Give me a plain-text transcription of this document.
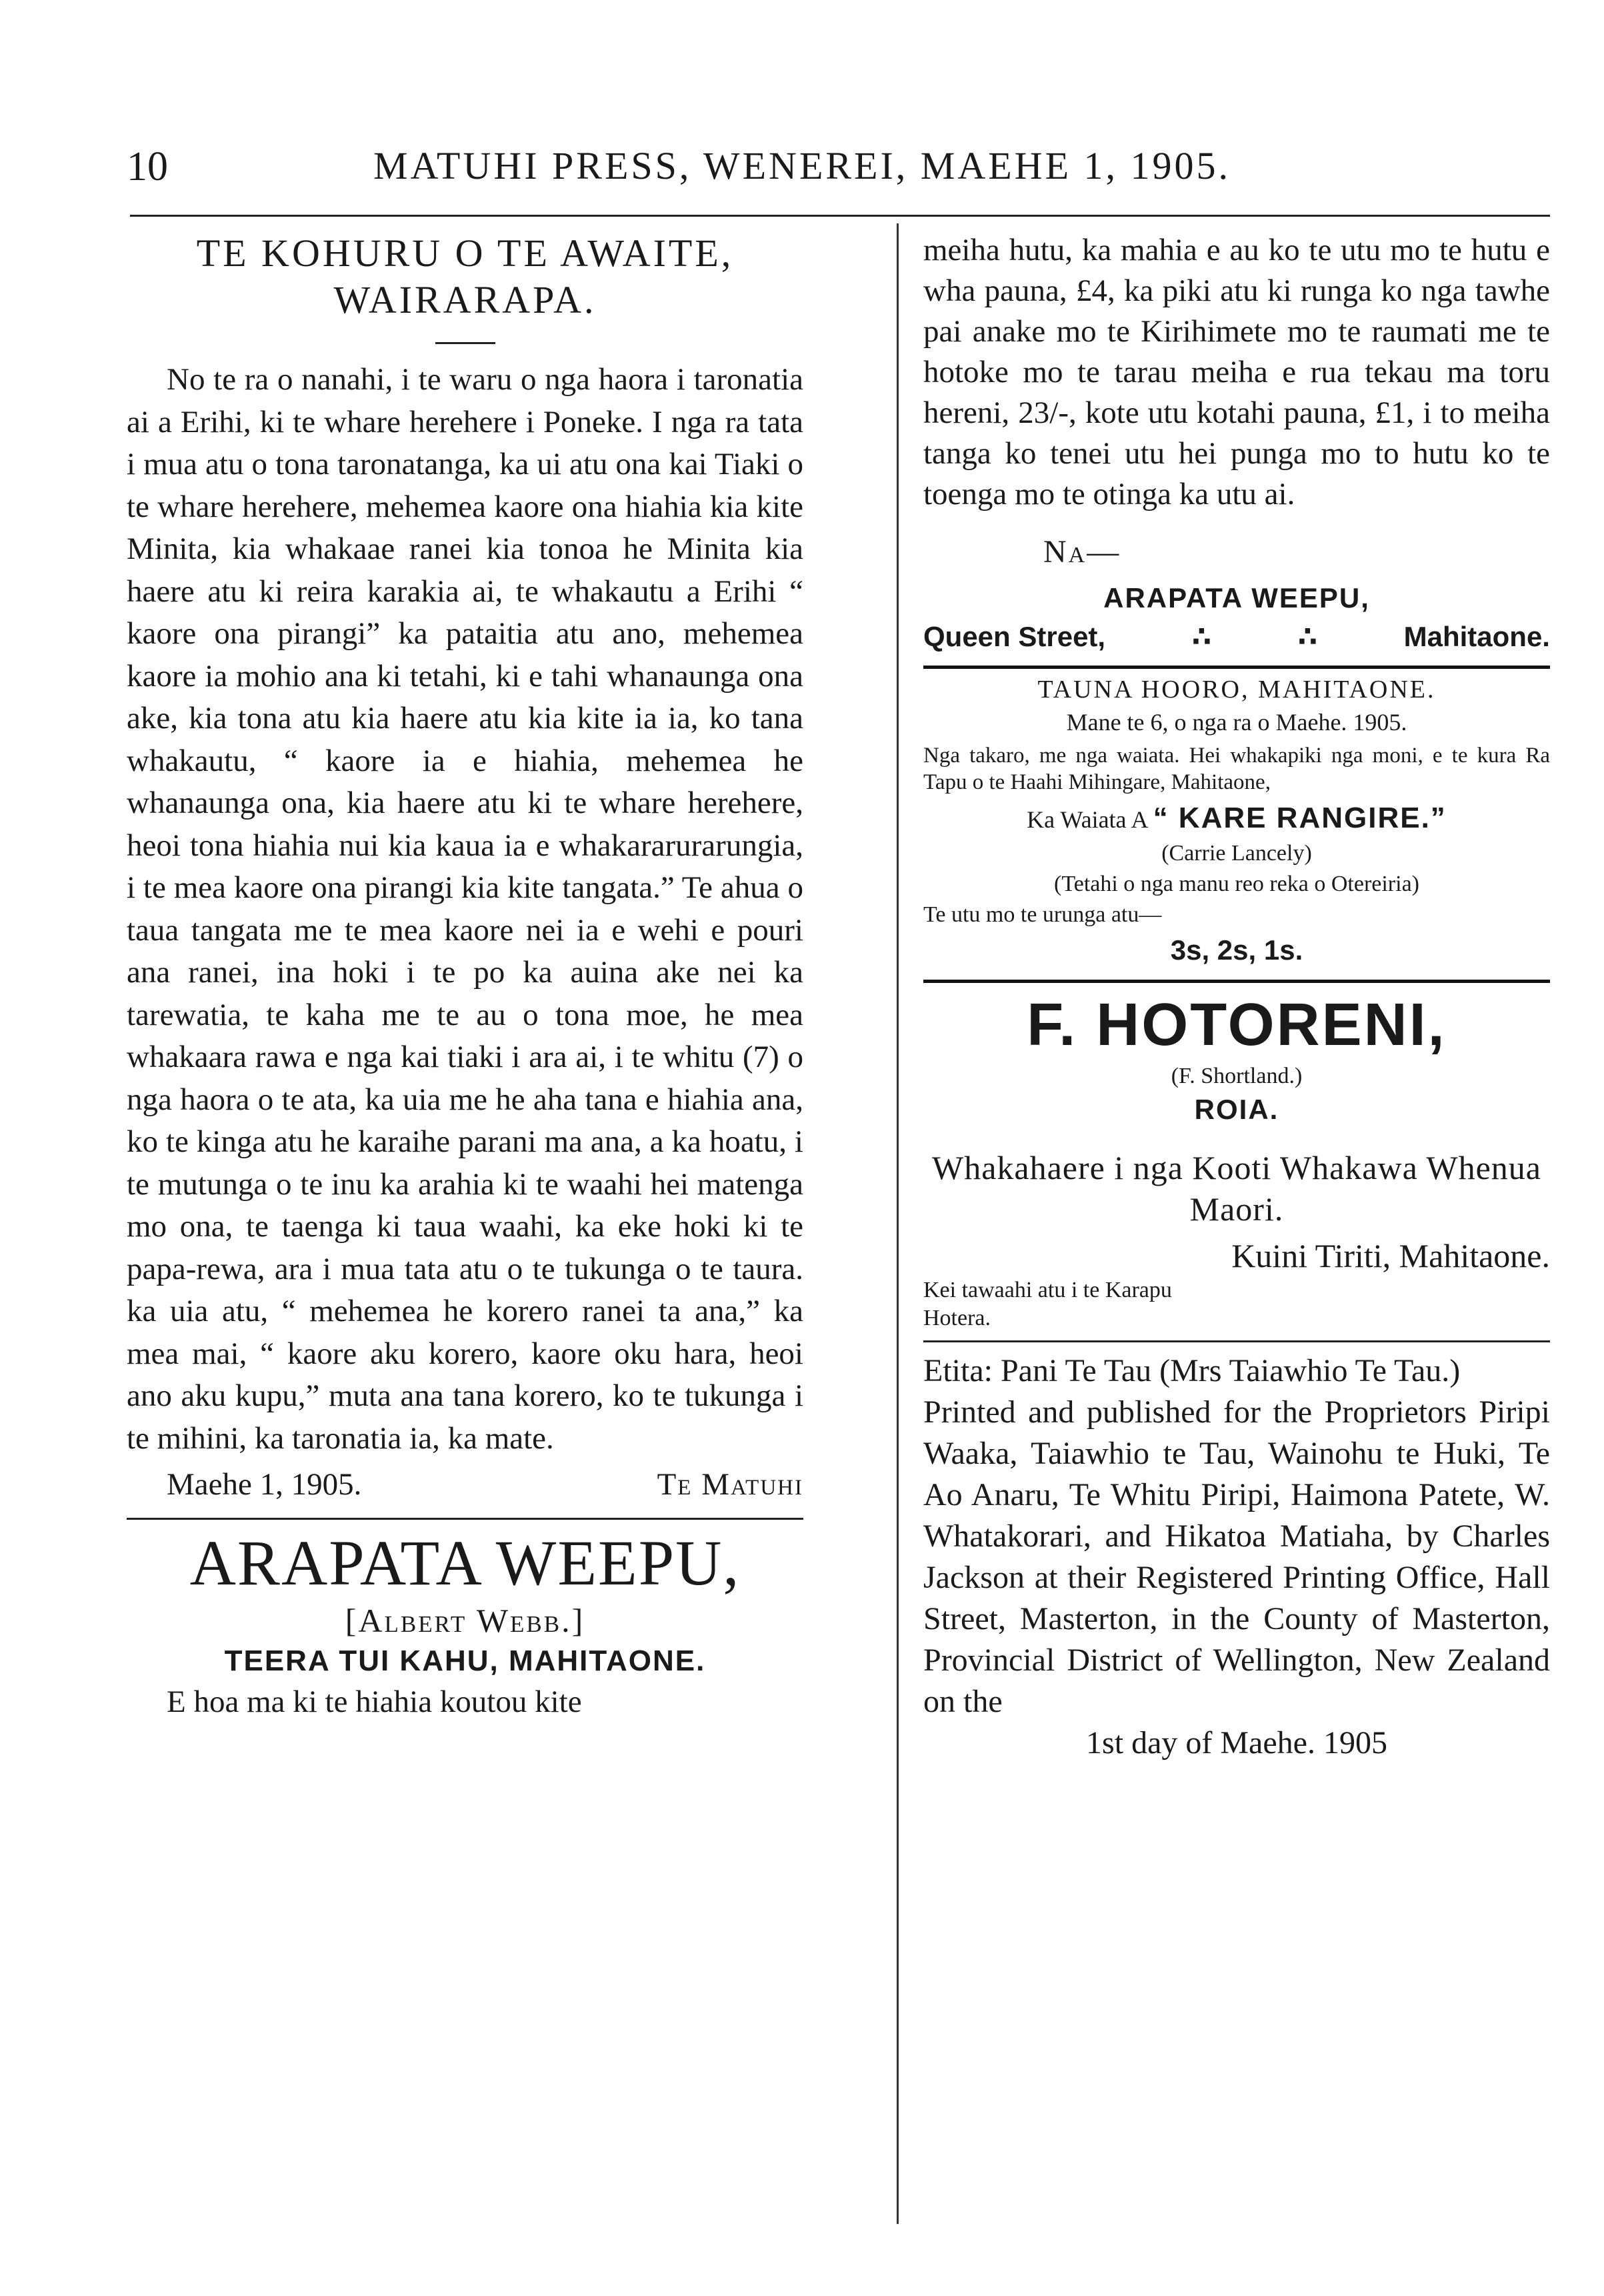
10	MATUHI PRESS, WENEREI, MAEHE 1, 1905.
TE KOHURU O TE AWAITE,
WAIRARAPA.

No te ra o nanahi, i te waru o nga haora i taronatia ai a Erihi, ki te whare herehere i Poneke. I nga ra tata i mua atu o tona taronatanga, ka ui atu ona kai Tiaki o te whare herehere, mehemea kaore ona hiahia kia kite Minita, kia whakaae ranei kia tonoa he Minita kia haere atu ki reira karakia ai, te whakautu a Erihi “ kaore ona pirangi” ka pataitia atu ano, mehemea kaore ia mohio ana ki tetahi, ki e tahi whanaunga ona ake, kia tona atu kia haere atu kia kite ia ia, ko tana whakautu, “ kaore ia e hiahia, mehemea he whanaunga ona, kia haere atu ki te whare herehere, heoi tona hiahia nui kia kaua ia e whakararurarungia, i te mea kaore ona pirangi kia kite tangata.” Te ahua o taua tangata me te mea kaore nei ia e wehi e pouri ana ranei, ina hoki i te po ka auina ake nei ka tarewatia, te kaha me te au o tona moe, he mea whakaara rawa e nga kai tiaki i ara ai, i te whitu (7) o nga haora o te ata, ka uia me he aha tana e hiahia ana, ko te kinga atu he karaihe parani ma ana, a ka hoatu, i te mutunga o te inu ka arahia ki te waahi hei matenga mo ona, te taenga ki taua waahi, ka eke hoki ki te papa-rewa, ara i mua tata atu o te tukunga o te taura. ka uia atu, “ mehemea he korero ranei ta ana,” ka mea mai, “ kaore aku korero, kaore oku hara, heoi ano aku kupu,” muta ana tana korero, ko te tukunga i te mihini, ka taronatia ia, ka mate.

Maehe 1, 1905.	Te Matuhi
ARAPATA WEEPU,
[Albert Webb.]
TEERA TUI KAHU, MAHITAONE.
E hoa ma ki te hiahia koutou kite
meiha hutu, ka mahia e au ko te utu mo te hutu e wha pauna, £4, ka piki atu ki runga ko nga tawhe pai anake mo te Kirihimete mo te raumati me te hotoke mo te tarau meiha e rua tekau ma toru hereni, 23/-, kote utu kotahi pauna, £1, i to meiha tanga ko tenei utu hei punga mo to hutu ko te toenga mo te otinga ka utu ai.
Na—
ARAPATA WEEPU,
Queen Street,	∴	∴	Mahitaone.
TAUNA HOORO, MAHITAONE.
Mane te 6, o nga ra o Maehe. 1905.
Nga takaro, me nga waiata. Hei whakapiki nga moni, e te kura Ra Tapu o te Haahi Mihingare, Mahitaone,
Ka Waiata A “ KARE RANGIRE.”
(Carrie Lancely)
(Tetahi o nga manu reo reka o Otereiria)
Te utu mo te urunga atu—
3s, 2s, 1s.
F. HOTORENI,
(F. Shortland.)
ROIA.
Whakahaere i nga Kooti Whakawa Whenua Maori.
Kuini Tiriti, Mahitaone.
Kei tawaahi atu i te Karapu Hotera.
Etita: Pani Te Tau (Mrs Taiawhio Te Tau.)
Printed and published for the Proprietors Piripi Waaka, Taiawhio te Tau, Wainohu te Huki, Te Ao Anaru, Te Whitu Piripi, Haimona Patete, W. Whatakorari, and Hikatoa Matiaha, by Charles Jackson at their Registered Printing Office, Hall Street, Masterton, in the County of Masterton, Provincial District of Wellington, New Zealand on the
1st day of Maehe. 1905
